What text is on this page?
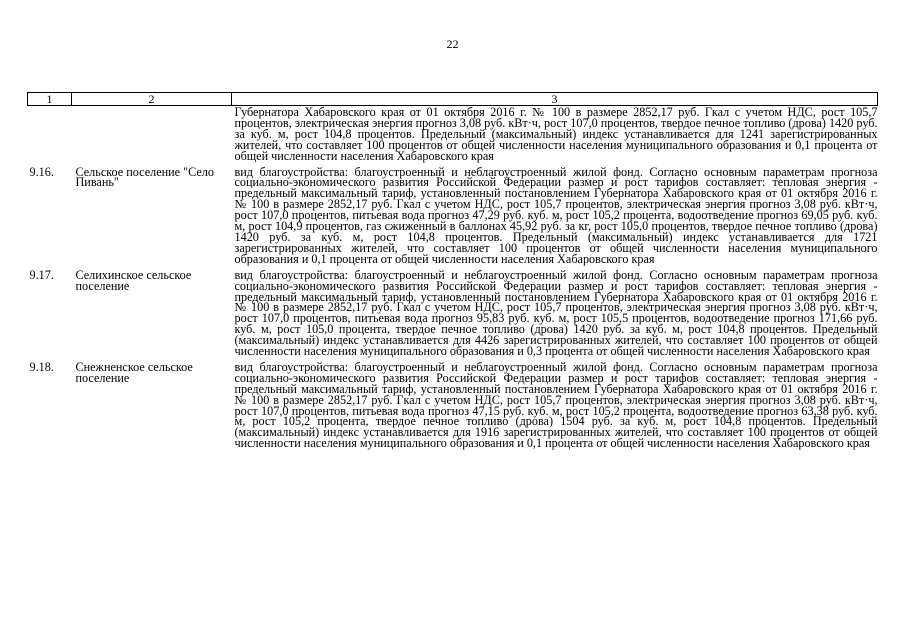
22
1	2	3
		Губернатора Хабаровского края от 01 октября 2016 г. № 100 в размере 2852,17 руб. Гкал с учетом НДС, рост 105,7 процентов, электрическая энергия прогноз 3,08 руб. кВт·ч, рост 107,0 процентов, твердое печное топливо (дрова) 1420 руб. за куб. м, рост 104,8 процентов. Предельный (максимальный) индекс устанавливается для 1241 зарегистрированных жителей, что составляет 100 процентов от общей численности населения муниципального образования и 0,1 процента от общей численности населения Хабаровского края
9.16.	Сельское поселение "Село Пивань"	вид благоустройства: благоустроенный и неблагоустроенный жилой фонд. Согласно основным параметрам прогноза социально-экономического развития Российской Федерации размер и рост тарифов составляет: тепловая энергия - предельный максимальный тариф, установленный постановлением Губернатора Хабаровского края от 01 октября 2016 г. № 100 в размере 2852,17 руб. Гкал с учетом НДС, рост 105,7 процентов, электрическая энергия прогноз 3,08 руб. кВт·ч, рост 107,0 процентов, питьевая вода прогноз 47,29 руб. куб. м, рост 105,2 процента, водоотведение прогноз 69,05 руб. куб. м, рост 104,9 процентов, газ сжиженный в баллонах 45,92 руб. за кг, рост 105,0 процентов, твердое печное топливо (дрова) 1420 руб. за куб. м, рост 104,8 процентов. Предельный (максимальный) индекс устанавливается для 1721 зарегистрированных жителей, что составляет 100 процентов от общей численности населения муниципального образования и 0,1 процента от общей численности населения Хабаровского края
9.17.	Селихинское сельское поселение	вид благоустройства: благоустроенный и неблагоустроенный жилой фонд. Согласно основным параметрам прогноза социально-экономического развития Российской Федерации размер и рост тарифов составляет: тепловая энергия - предельный максимальный тариф, установленный постановлением Губернатора Хабаровского края от 01 октября 2016 г. № 100 в размере 2852,17 руб. Гкал с учетом НДС, рост 105,7 процентов, электрическая энергия прогноз 3,08 руб. кВт·ч, рост 107,0 процентов, питьевая вода прогноз 95,83 руб. куб. м, рост 105,5 процентов, водоотведение прогноз 171,66 руб. куб. м, рост 105,0 процента, твердое печное топливо (дрова) 1420 руб. за куб. м, рост 104,8 процентов. Предельный (максимальный) индекс устанавливается для 4426 зарегистрированных жителей, что составляет 100 процентов от общей численности населения муниципального образования и 0,3 процента от общей численности населения Хабаровского края
9.18.	Снежненское сельское поселение	вид благоустройства: благоустроенный и неблагоустроенный жилой фонд. Согласно основным параметрам прогноза социально-экономического развития Российской Федерации размер и рост тарифов составляет: тепловая энергия - предельный максимальный тариф, установленный постановлением Губернатора Хабаровского края от 01 октября 2016 г. № 100 в размере 2852,17 руб. Гкал с учетом НДС, рост 105,7 процентов, электрическая энергия прогноз 3,08 руб. кВт·ч, рост 107,0 процентов, питьевая вода прогноз 47,15 руб. куб. м, рост 105,2 процента, водоотведение прогноз 63,38 руб. куб. м, рост 105,2 процента, твердое печное топливо (дрова) 1504 руб. за куб. м, рост 104,8 процентов. Предельный (максимальный) индекс устанавливается для 1916 зарегистрированных жителей, что составляет 100 процентов от общей численности населения муниципального образования и 0,1 процента от общей численности населения Хабаровского края
